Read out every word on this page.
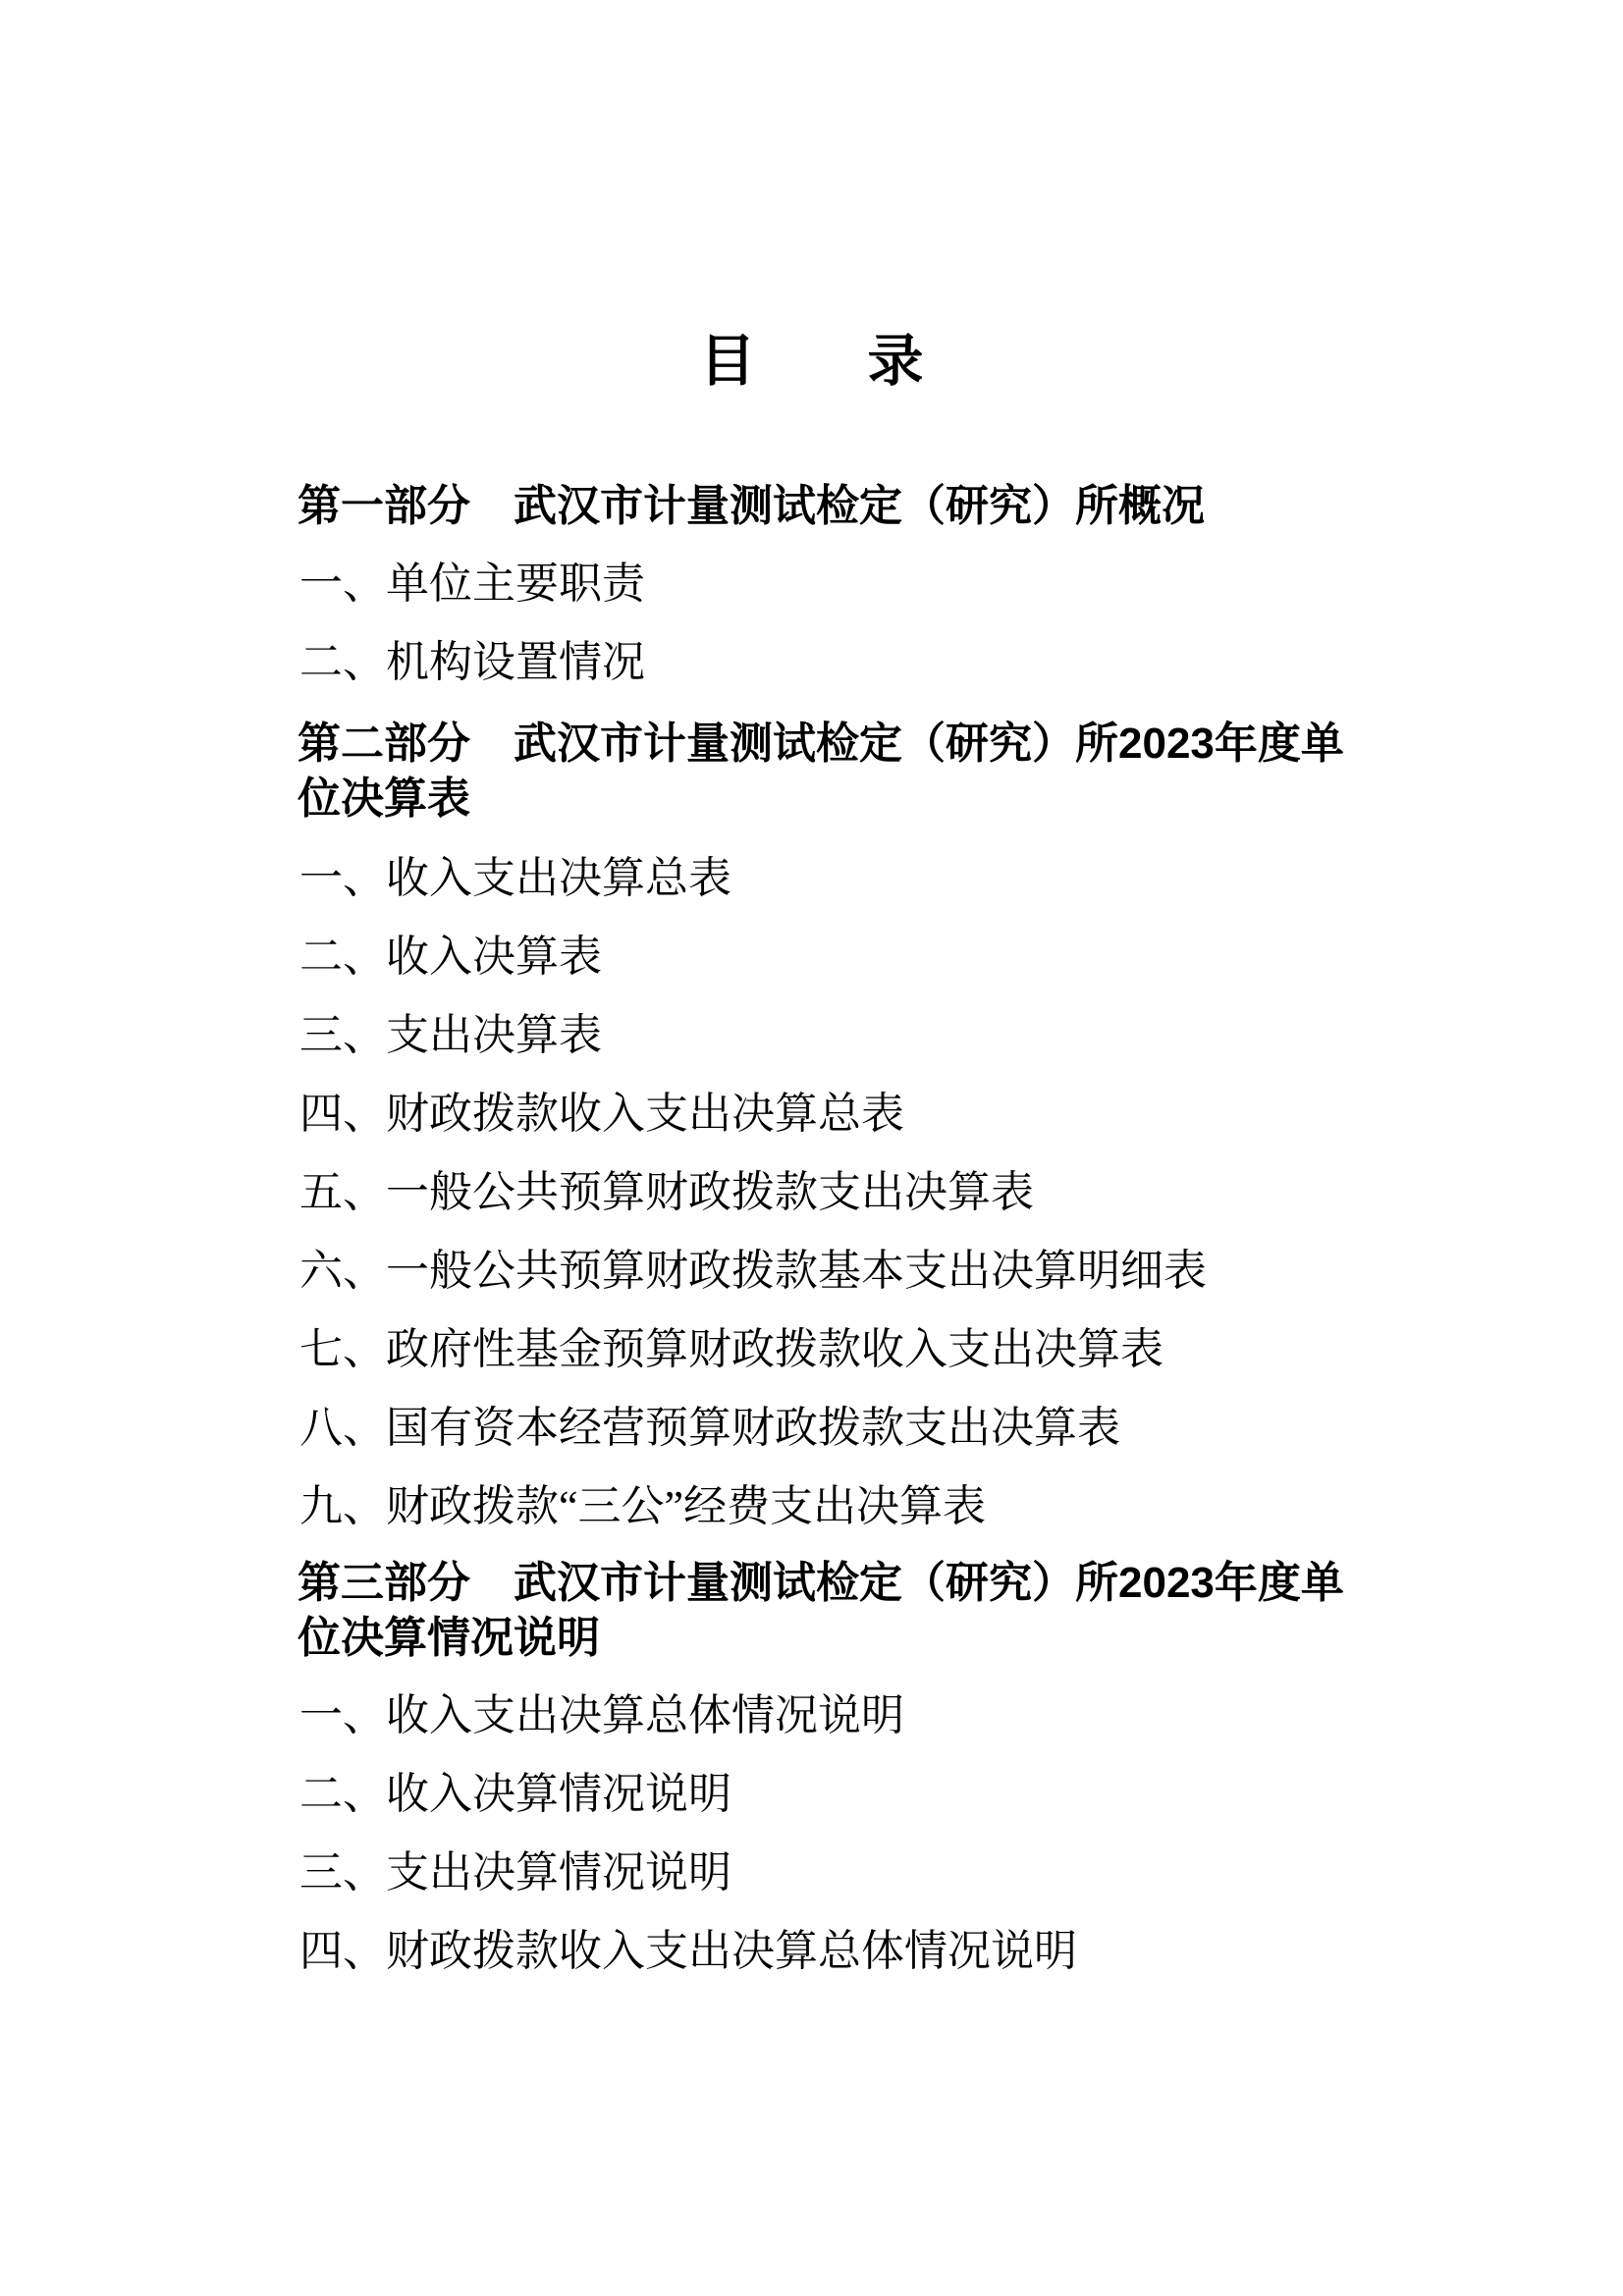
目　　录
第一部分　武汉市计量测试检定（研究）所概况
一、单位主要职责
二、机构设置情况
第二部分　武汉市计量测试检定（研究）所2023年度单
位决算表
一、收入支出决算总表
二、收入决算表
三、支出决算表
四、财政拨款收入支出决算总表
五、一般公共预算财政拨款支出决算表
六、一般公共预算财政拨款基本支出决算明细表
七、政府性基金预算财政拨款收入支出决算表
八、国有资本经营预算财政拨款支出决算表
九、财政拨款“三公”经费支出决算表
第三部分　武汉市计量测试检定（研究）所2023年度单
位决算情况说明
一、收入支出决算总体情况说明
二、收入决算情况说明
三、支出决算情况说明
四、财政拨款收入支出决算总体情况说明
